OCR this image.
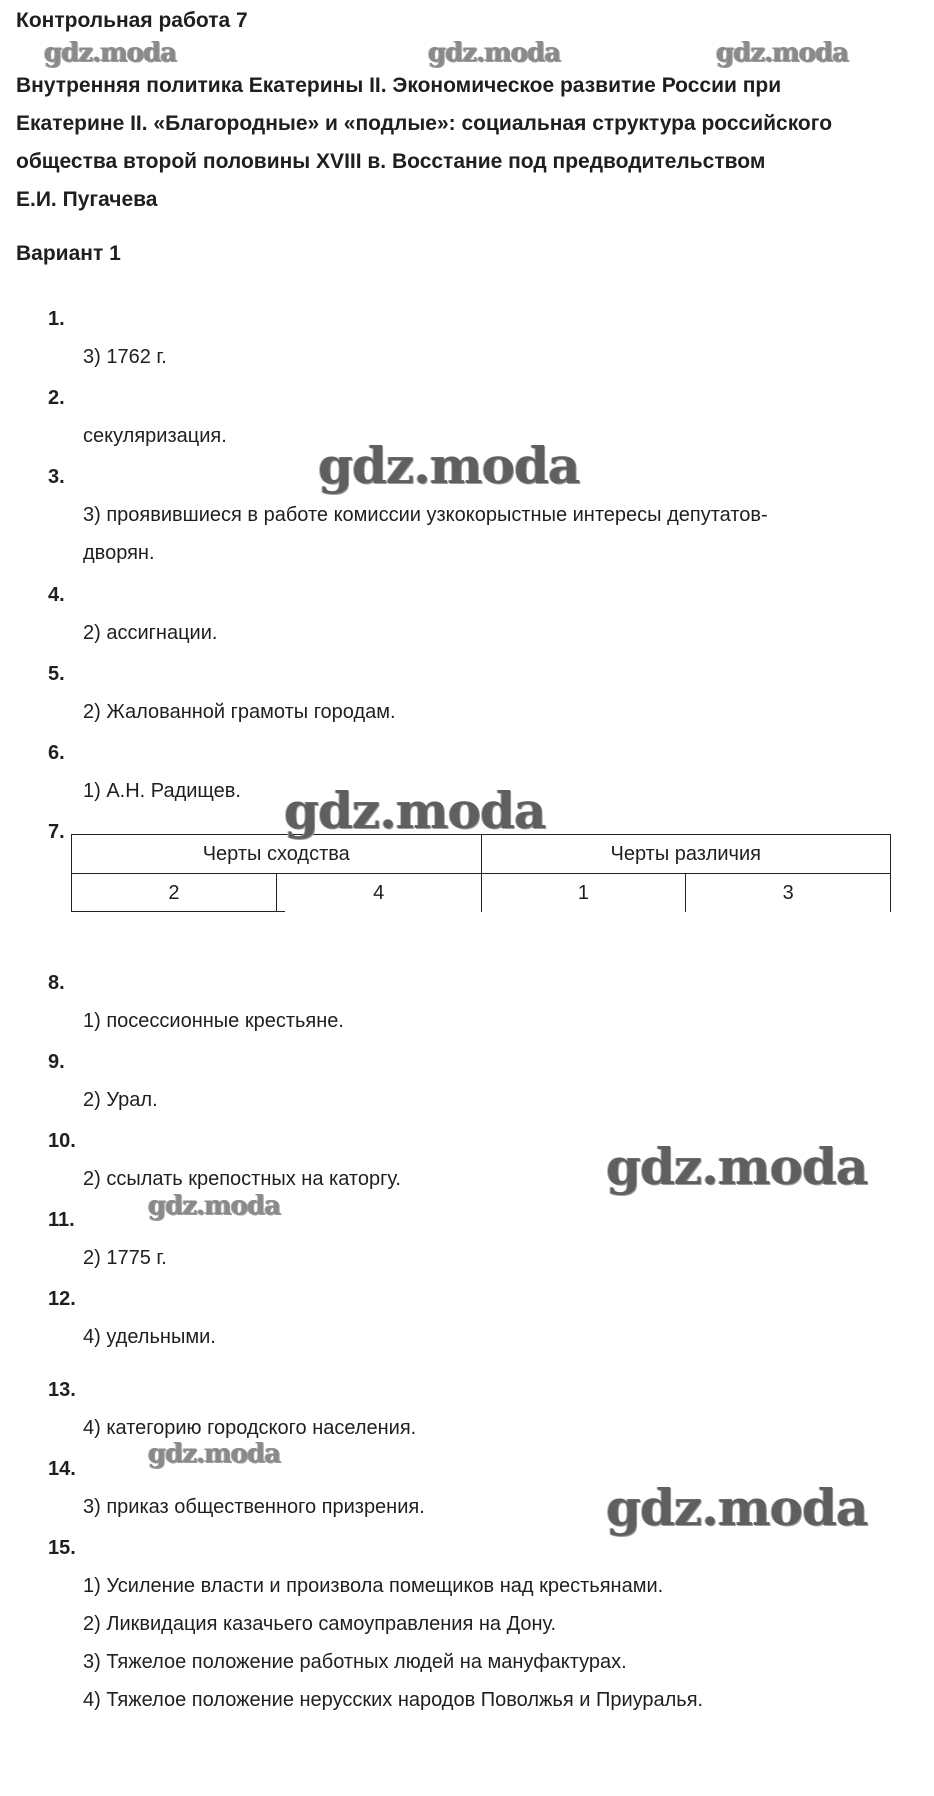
Контрольная работа 7

Внутренняя политика Екатерины II. Экономическое развитие России при
Екатерине II. «Благородные» и «подлые»: социальная структура российского
общества второй половины XVIII в. Восстание под предводительством
Е.И. Пугачева

Вариант 1
1.
3) 1762 г.
2.
секуляризация.
3.
3) проявившиеся в работе комиссии узкокорыстные интересы депутатов-
дворян.
4.
2) ассигнации.
5.
2) Жалованной грамоты городам.
6.
1) А.Н. Радищев.
7.
Черты сходства		Черты различия	
2	4	1	3
8.
1) посессионные крестьяне.
9.
2) Урал.
10.
2) ссылать крепостных на каторгу.
11.
2) 1775 г.
12.
4) удельными.
13.
4) категорию городского населения.
14.
3) приказ общественного призрения.
15.
1) Усиление власти и произвола помещиков над крестьянами.
2) Ликвидация казачьего самоуправления на Дону.
3) Тяжелое положение работных людей на мануфактурах.
4) Тяжелое положение нерусских народов Поволжья и Приуралья.
gdz.moda	gdz.moda	gdz.moda
gdz.moda
gdz.moda
gdz.moda
gdz.moda
gdz.moda
gdz.moda
